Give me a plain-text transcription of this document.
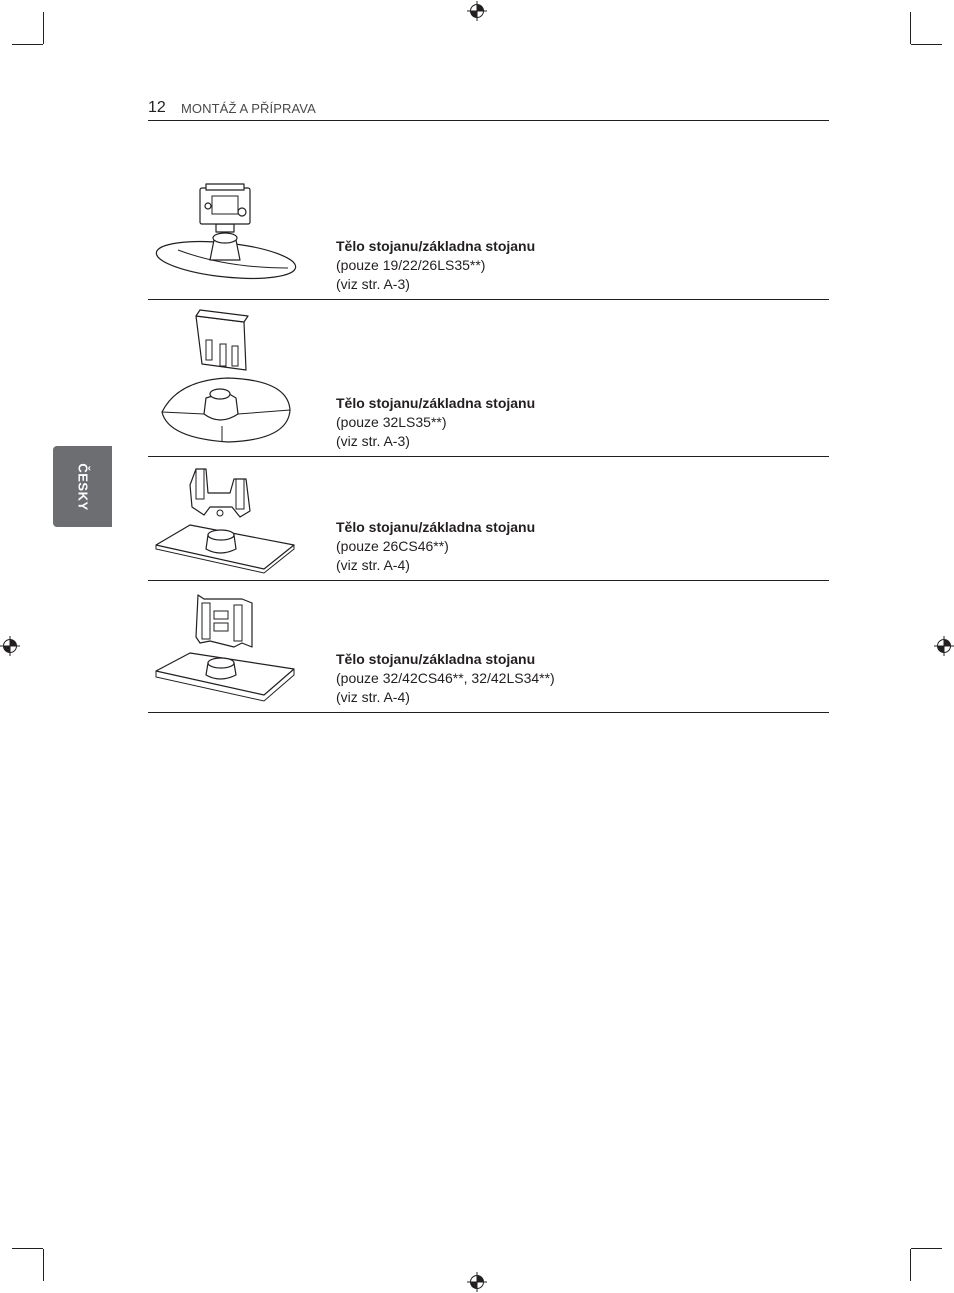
12 MONTÁŽ A PŘÍPRAVA
ČESKY
Tělo stojanu/základna stojanu
(pouze 19/22/26LS35**)
(viz str. A-3)
Tělo stojanu/základna stojanu
(pouze 32LS35**)
(viz str. A-3)
Tělo stojanu/základna stojanu
(pouze 26CS46**)
(viz str. A-4)
Tělo stojanu/základna stojanu
(pouze 32/42CS46**, 32/42LS34**)
(viz str. A-4)
